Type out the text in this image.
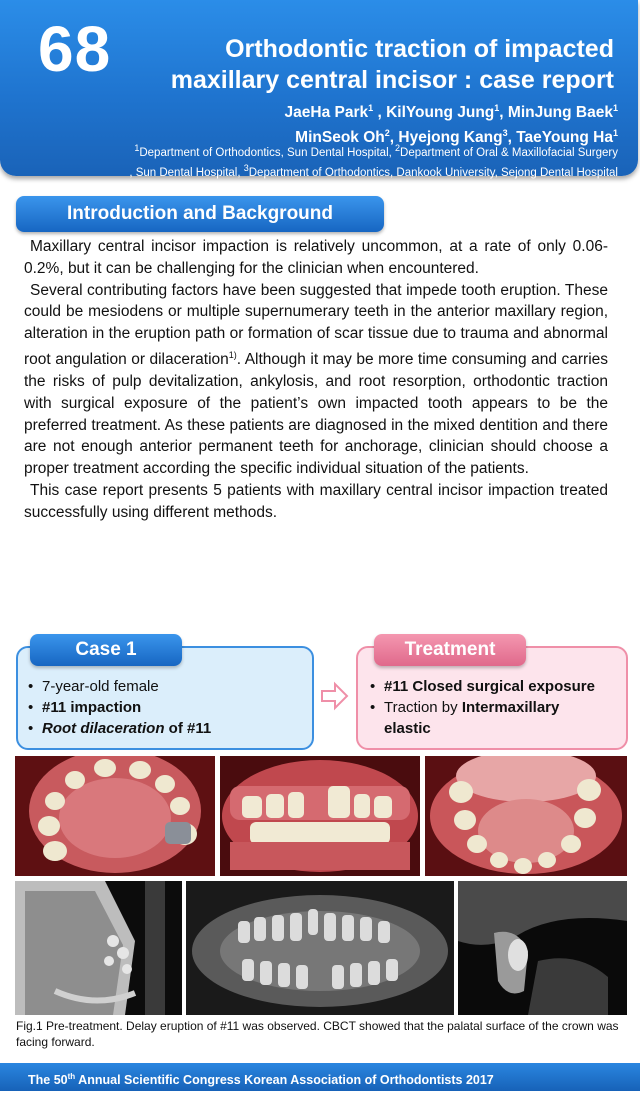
68	Orthodontic traction of impacted
maxillary central incisor : case report
JaeHa Park$^1$ , KilYoung Jung$^1$, MinJung Baek$^1$
MinSeok Oh$^2$, Hyejong Kang$^3$, TaeYoung Ha$^1$
$^1$Department of Orthodontics, Sun Dental Hospital, $^2$Department of Oral & Maxillofacial Surgery
, Sun Dental Hospital, $^3$Department of Orthodontics, Dankook University, Sejong Dental Hospital
Introduction and Background

Maxillary central incisor impaction is relatively uncommon, at a rate of only 0.06-0.2%, but it can be challenging for the clinician when encountered.

Several contributing factors have been suggested that impede tooth eruption. These could be mesiodens or multiple supernumerary teeth in the anterior maxillary region, alteration in the eruption path or formation of scar tissue due to trauma and abnormal root angulation or dilaceration$^{1)}$. Although it may be more time consuming and carries the risks of pulp devitalization, ankylosis, and root resorption, orthodontic traction with surgical exposure of the patient’s own impacted tooth appears to be the preferred treatment. As these patients are diagnosed in the mixed dentition and there are not enough anterior permanent teeth for anchorage, clinician should choose a proper treatment according the specific individual situation of the patients.

This case report presents 5 patients with maxillary central incisor impaction treated successfully using different methods.

Case 1
• 7-year-old female
• #11 impaction
• Root dilaceration of #11
Treatment
• #11 Closed surgical exposure
• Traction by Intermaxillary
elastic
Fig.1 Pre-treatment. Delay eruption of #11 was observed. CBCT showed that the palatal surface of the crown was facing forward.
The 50th Annual Scientific Congress Korean Association of Orthodontists 2017
